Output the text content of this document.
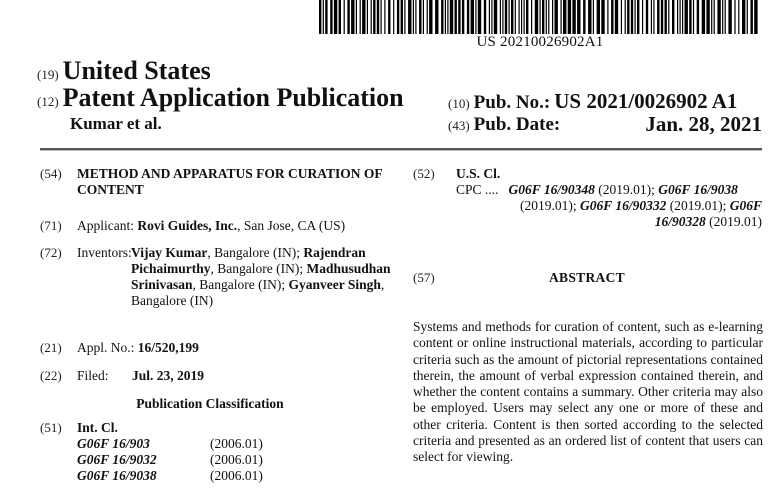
US 20210026902A1
(19) United States
(12) Patent Application Publication
Kumar et al.
(10) Pub. No.: US 2021/0026902 A1
(43) Pub. Date:	Jan. 28, 2021
(54) METHOD AND APPARATUS FOR CURATION OF CONTENT
(71) Applicant: Rovi Guides, Inc., San Jose, CA (US)
(72) Inventors: Vijay Kumar, Bangalore (IN); Rajendran Pichaimurthy, Bangalore (IN); Madhusudhan Srinivasan, Bangalore (IN); Gyanveer Singh, Bangalore (IN)
(21) Appl. No.: 16/520,199
(22) Filed: Jul. 23, 2019
Publication Classification
(51) Int. Cl.
G06F 16/903	(2006.01)
G06F 16/9032	(2006.01)
G06F 16/9038	(2006.01)
(52) U.S. Cl.
CPC .... G06F 16/90348 (2019.01); G06F 16/9038
(2019.01); G06F 16/90332 (2019.01); G06F
16/90328 (2019.01)
(57)	ABSTRACT
Systems and methods for curation of content, such as e-learning content or online instructional materials, according to particular criteria such as the amount of pictorial representations contained therein, the amount of verbal expression contained therein, and whether the content contains a summary. Other criteria may also be employed. Users may select any one or more of these and other criteria. Content is then sorted according to the selected criteria and presented as an ordered list of content that users can select for viewing.
